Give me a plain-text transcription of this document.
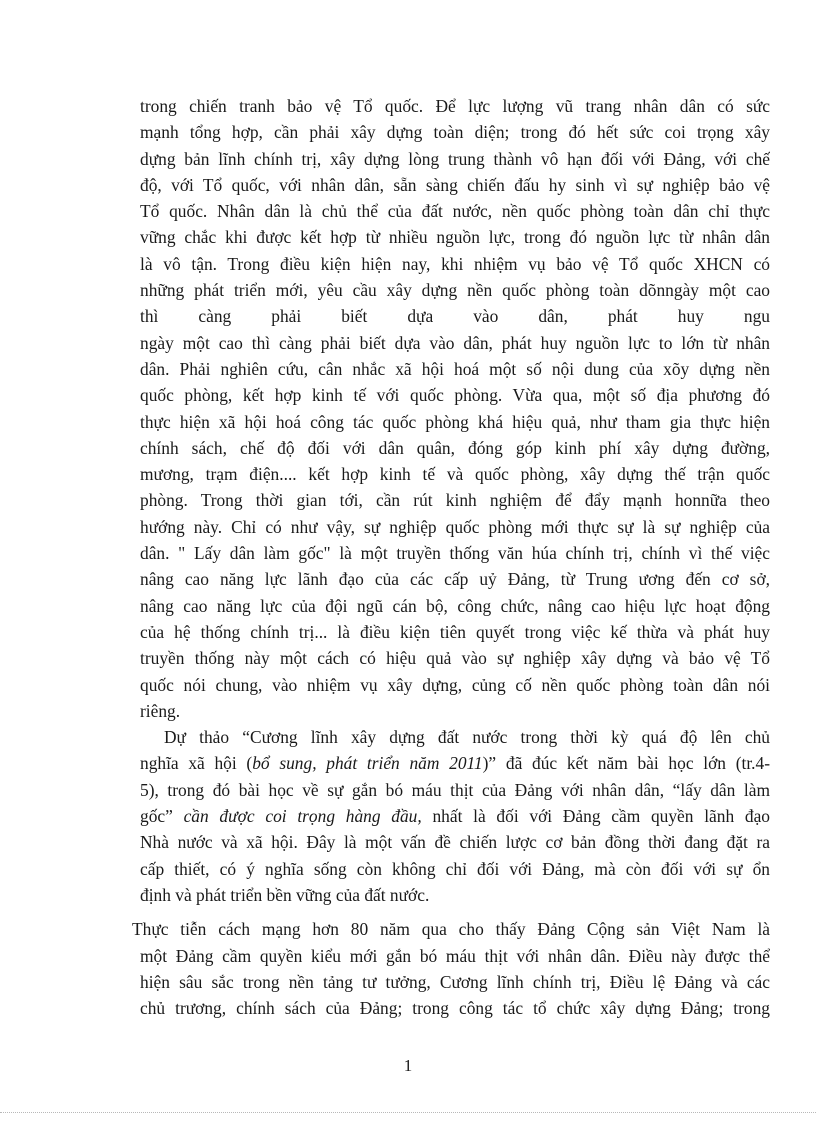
trong chiến tranh bảo vệ Tổ quốc. Để lực lượng vũ trang nhân dân có sức
mạnh tổng hợp, cần phải xây dựng toàn diện; trong đó hết sức coi trọng xây
dựng bản lĩnh chính trị, xây dựng lòng trung thành vô hạn đối với Đảng, với chế
độ, với Tổ quốc, với nhân dân, sẵn sàng chiến đấu hy sinh vì sự nghiệp bảo vệ
Tổ quốc. Nhân dân là chủ thể của đất nước, nền quốc phòng toàn dân chỉ thực
vững chắc khi được kết hợp từ nhiều nguồn lực, trong đó nguồn lực từ nhân dân
là vô tận. Trong điều kiện hiện nay, khi nhiệm vụ bảo vệ Tổ quốc XHCN có
những phát triển mới, yêu cầu xây dựng nền quốc phòng toàn dõnngày một cao
thì càng phải biết dựa vào dân, phát huy ngu
ngày một cao thì càng phải biết dựa vào dân, phát huy nguồn lực to lớn từ nhân
dân. Phải nghiên cứu, cân nhắc xã hội hoá một số nội dung của xõy dựng nền
quốc phòng, kết hợp kinh tế với quốc phòng. Vừa qua, một số địa phương đó
thực hiện xã hội hoá công tác quốc phòng khá hiệu quả, như tham gia thực hiện
chính sách, chế độ đối với dân quân, đóng góp kinh phí xây dựng đường,
mương, trạm điện.... kết hợp kinh tế và quốc phòng, xây dựng thế trận quốc
phòng. Trong thời gian tới, cần rút kinh nghiệm để đẩy mạnh honnữa theo
hướng này. Chỉ có như vậy, sự nghiệp quốc phòng mới thực sự là sự nghiệp của
dân. " Lấy dân làm gốc" là một truyền thống văn húa chính trị, chính vì thế việc
nâng cao năng lực lãnh đạo của các cấp uỷ Đảng, từ Trung ương đến cơ sở,
nâng cao năng lực của đội ngũ cán bộ, công chức, nâng cao hiệu lực hoạt động
của hệ thống chính trị... là điều kiện tiên quyết trong việc kế thừa và phát huy
truyền thống này một cách có hiệu quả vào sự nghiệp xây dựng và bảo vệ Tổ
quốc nói chung, vào nhiệm vụ xây dựng, củng cố nền quốc phòng toàn dân nói
riêng.
Dự thảo “Cương lĩnh xây dựng đất nước trong thời kỳ quá độ lên chủ
nghĩa xã hội (bổ sung, phát triển năm 2011)” đã đúc kết năm bài học lớn (tr.4-
5), trong đó bài học về sự gắn bó máu thịt của Đảng với nhân dân, “lấy dân làm
gốc” cần được coi trọng hàng đầu, nhất là đối với Đảng cầm quyền lãnh đạo
Nhà nước và xã hội. Đây là một vấn đề chiến lược cơ bản đồng thời đang đặt ra
cấp thiết, có ý nghĩa sống còn không chỉ đối với Đảng, mà còn đối với sự ổn
định và phát triển bền vững của đất nước.
Thực tiễn cách mạng hơn 80 năm qua cho thấy Đảng Cộng sản Việt Nam là
một Đảng cầm quyền kiểu mới gắn bó máu thịt với nhân dân. Điều này được thể
hiện sâu sắc trong nền tảng tư tưởng, Cương lĩnh chính trị, Điều lệ Đảng và các
chủ trương, chính sách của Đảng; trong công tác tổ chức xây dựng Đảng; trong
1
